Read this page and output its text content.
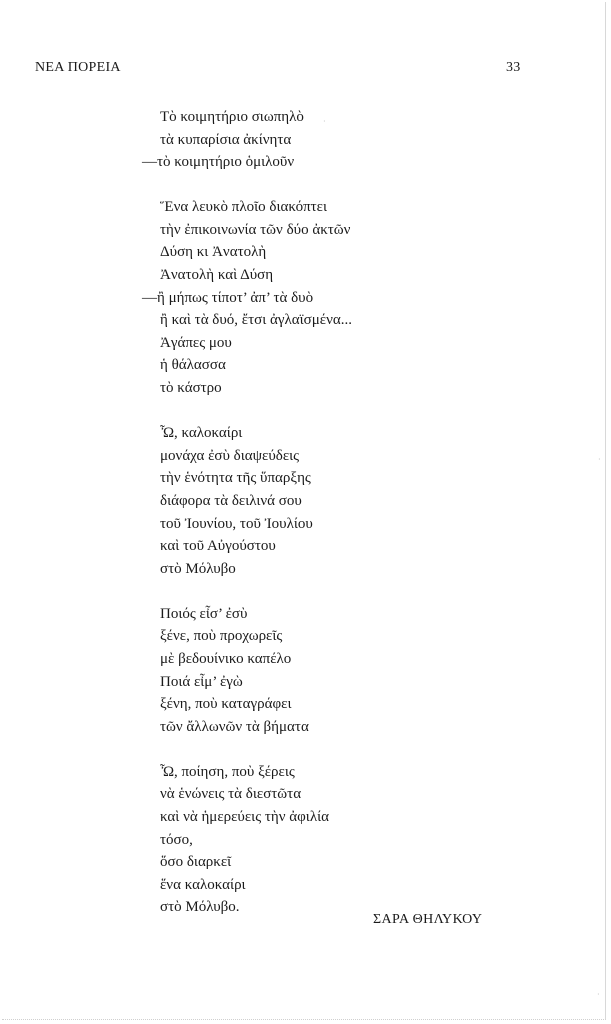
ΝΕΑ ΠΟΡΕΙΑ	33
Τὸ κοιμητήριο σιωπηλὸ
τὰ κυπαρίσια ἀκίνητα
—τὸ κοιμητήριο ὁμιλοῦν
Ἕνα λευκὸ πλοῖο διακόπτει
τὴν ἐπικοινωνία τῶν δύο ἀκτῶν
Δύση κι Ἀνατολὴ
Ἀνατολὴ καὶ Δύση
—ἢ μήπως τίποτ’ ἀπ’ τὰ δυὸ
ἢ καὶ τὰ δυό, ἔτσι ἀγλαϊσμένα...
Ἀγάπες μου
ἡ θάλασσα
τὸ κάστρο
Ὦ, καλοκαίρι
μονάχα ἐσὺ διαψεύδεις
τὴν ἑνότητα τῆς ὕπαρξης
διάφορα τὰ δειλινά σου
τοῦ Ἰουνίου, τοῦ Ἰουλίου
καὶ τοῦ Αὐγούστου
στὸ Μόλυβο
Ποιός εἶσ’ ἐσὺ
ξένε, ποὺ προχωρεῖς
μὲ βεδουίνικο καπέλο
Ποιά εἶμ’ ἐγὼ
ξένη, ποὺ καταγράφει
τῶν ἄλλωνῶν τὰ βήματα
Ὦ, ποίηση, ποὺ ξέρεις
νὰ ἑνώνεις τὰ διεστῶτα
καὶ νὰ ἡμερεύεις τὴν ἀφιλία
τόσο,
ὅσο διαρκεῖ
ἕνα καλοκαίρι
στὸ Μόλυβο.
ΣΑΡΑ ΘΗΛΥΚΟΥ
·
·
·
